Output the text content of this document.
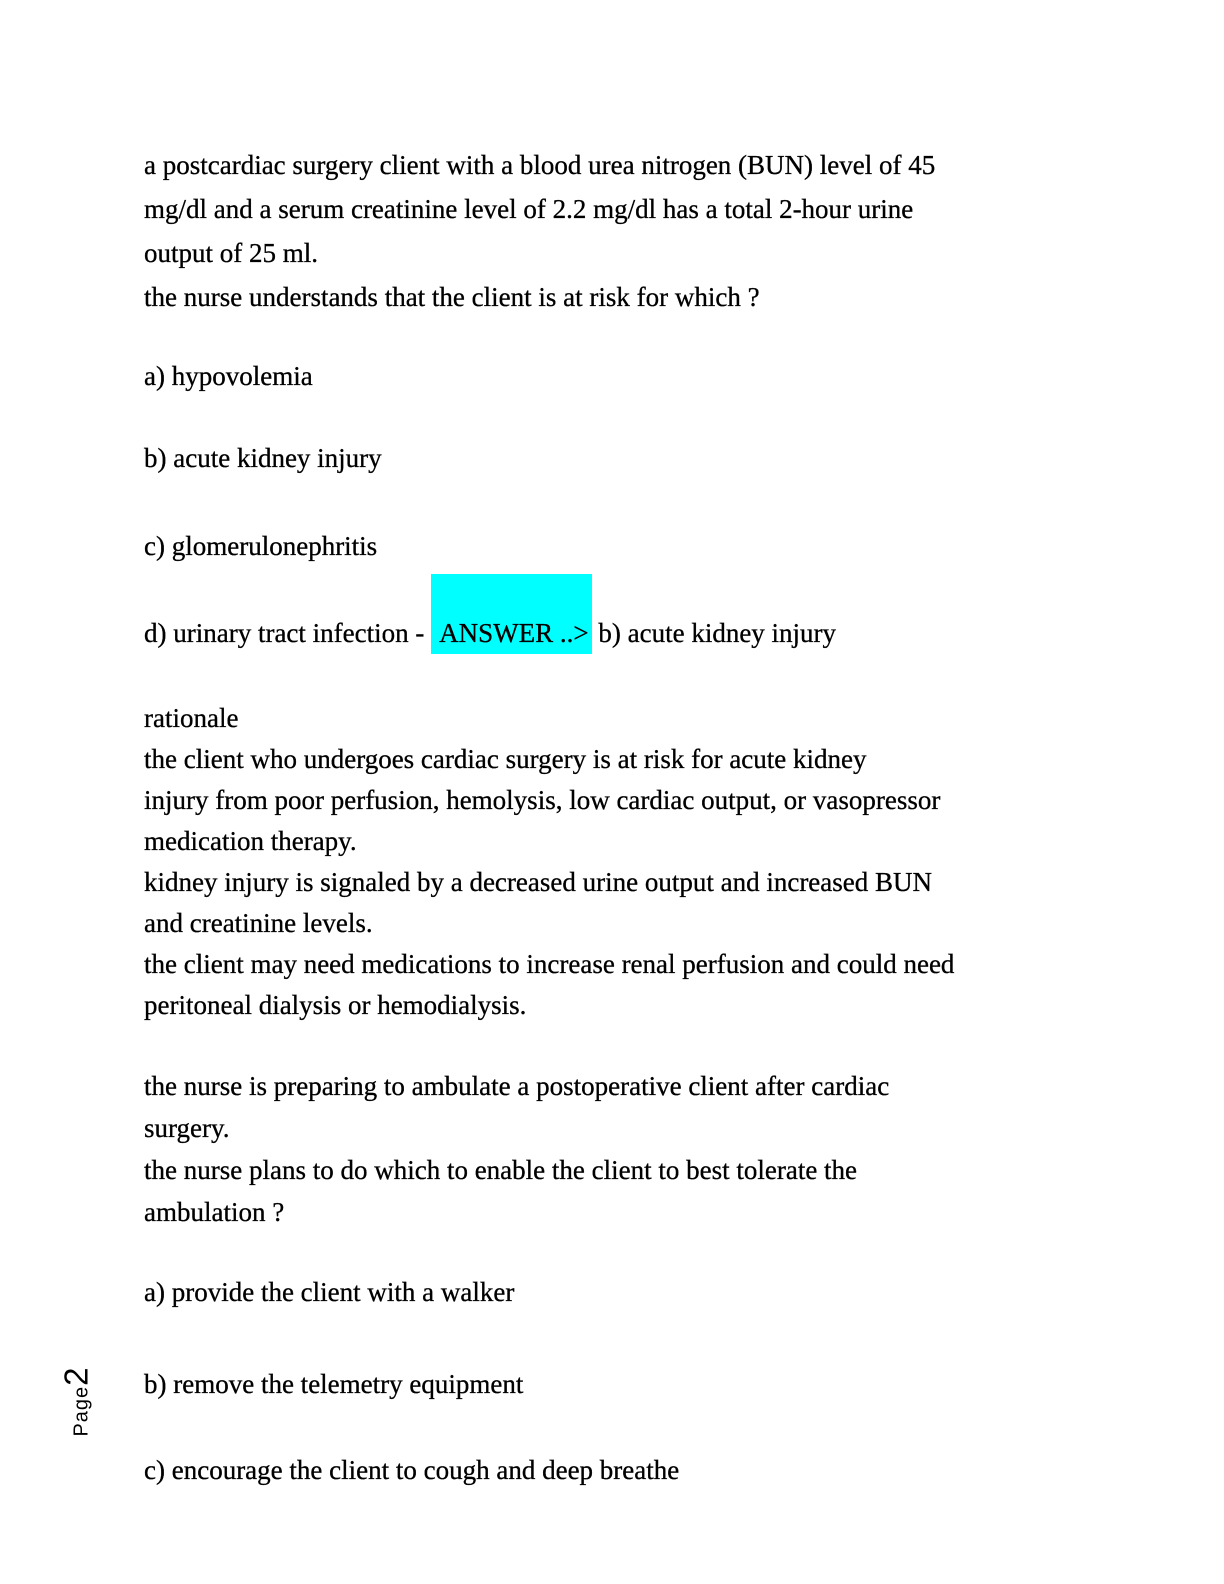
a postcardiac surgery client with a blood urea nitrogen (BUN) level of 45
mg/dl and a serum creatinine level of 2.2 mg/dl has a total 2-hour urine
output of 25 ml.
the nurse understands that the client is at risk for which ?
a) hypovolemia
b) acute kidney injury
c) glomerulonephritis
d) urinary tract infection - ANSWER ..> b) acute kidney injury
rationale
the client who undergoes cardiac surgery is at risk for acute kidney
injury from poor perfusion, hemolysis, low cardiac output, or vasopressor
medication therapy.
kidney injury is signaled by a decreased urine output and increased BUN
and creatinine levels.
the client may need medications to increase renal perfusion and could need
peritoneal dialysis or hemodialysis.
the nurse is preparing to ambulate a postoperative client after cardiac
surgery.
the nurse plans to do which to enable the client to best tolerate the
ambulation ?
a) provide the client with a walker
b) remove the telemetry equipment
c) encourage the client to cough and deep breathe
Page2
